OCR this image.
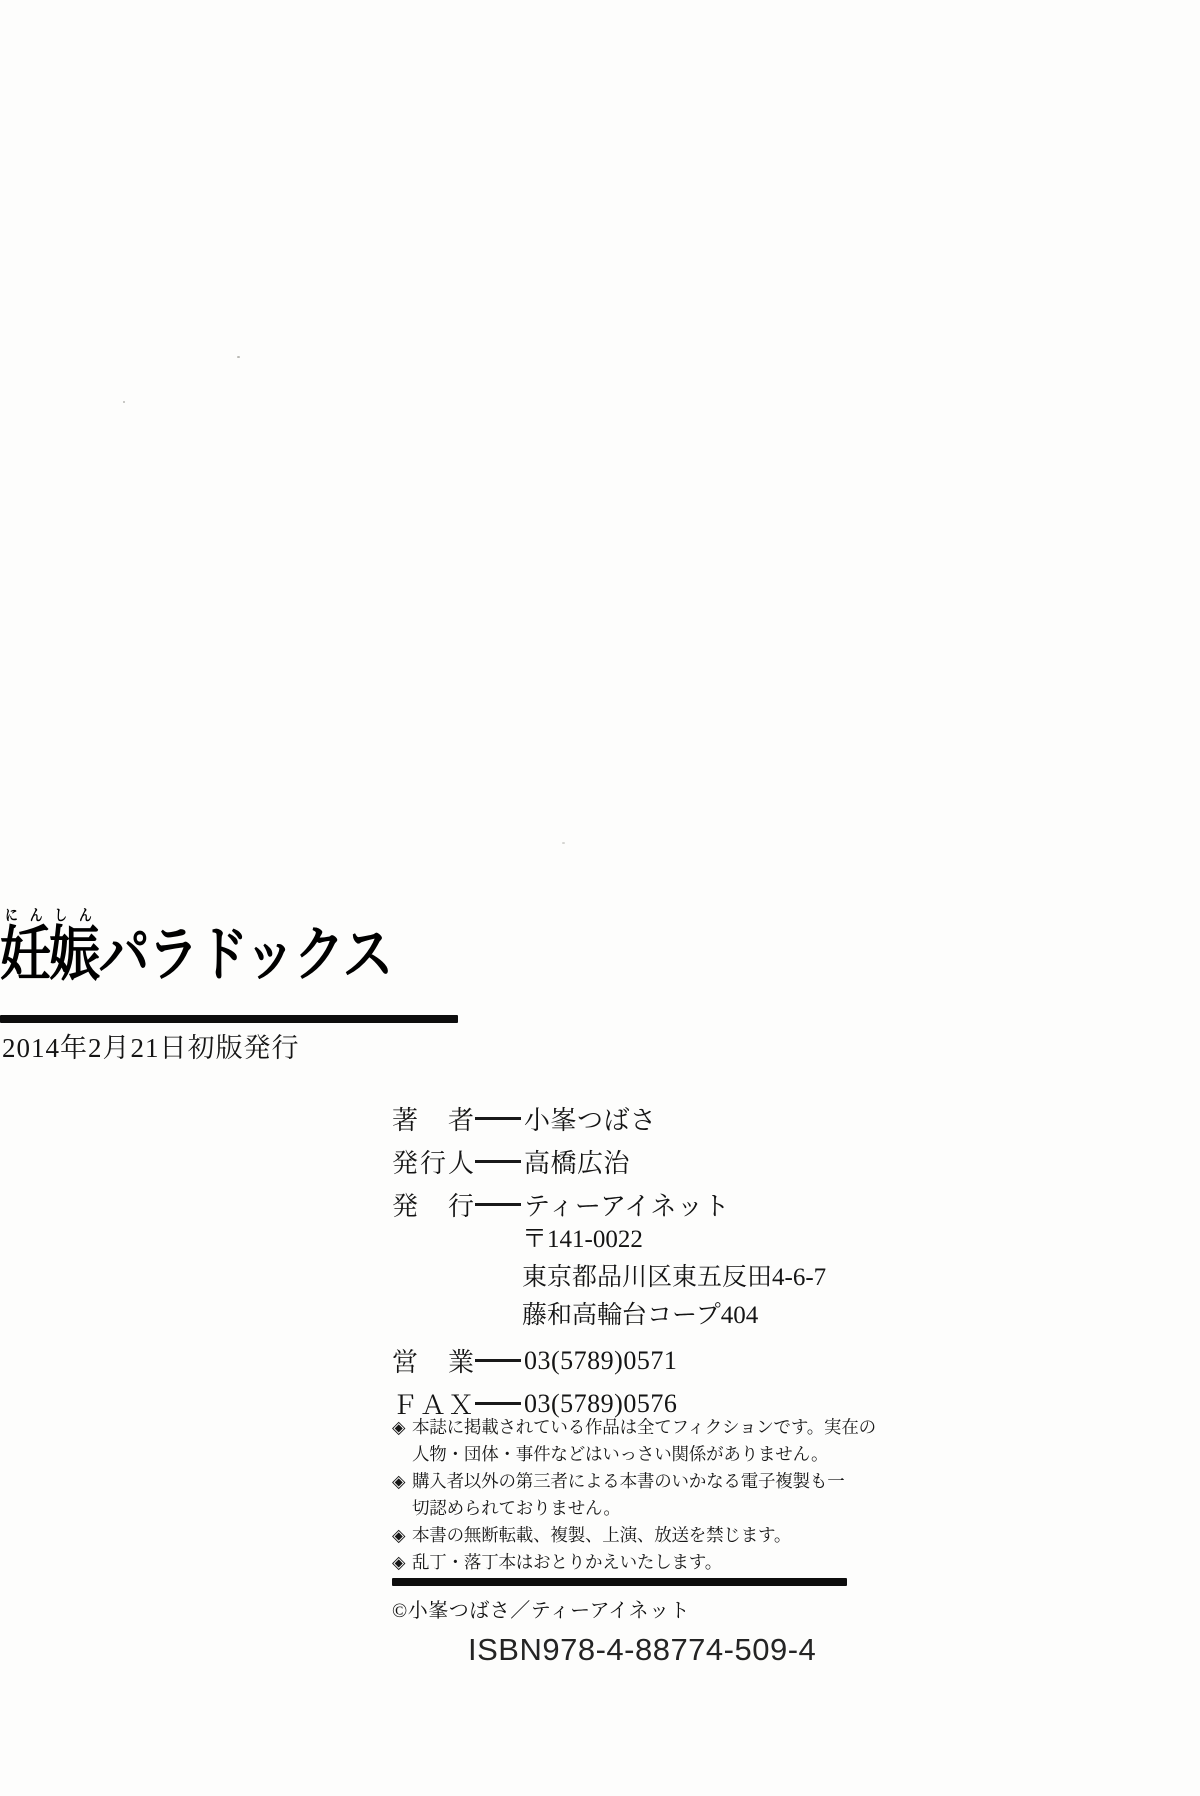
妊にん娠しんパラドックス
2014年2月21日初版発行
著　者 小峯つばさ
発行人 高橋広治
発　行 ティーアイネット
〒141-0022
東京都品川区東五反田4-6-7
藤和高輪台コープ404
営　業 03(5789)0571
ＦＡＸ 03(5789)0576
◈ 本誌に掲載されている作品は全てフィクションです。実在の
人物・団体・事件などはいっさい関係がありません。
◈ 購入者以外の第三者による本書のいかなる電子複製も一
切認められておりません。
◈ 本書の無断転載、複製、上演、放送を禁じます。
◈ 乱丁・落丁本はおとりかえいたします。
©小峯つばさ／ティーアイネット
ISBN978-4-88774-509-4
